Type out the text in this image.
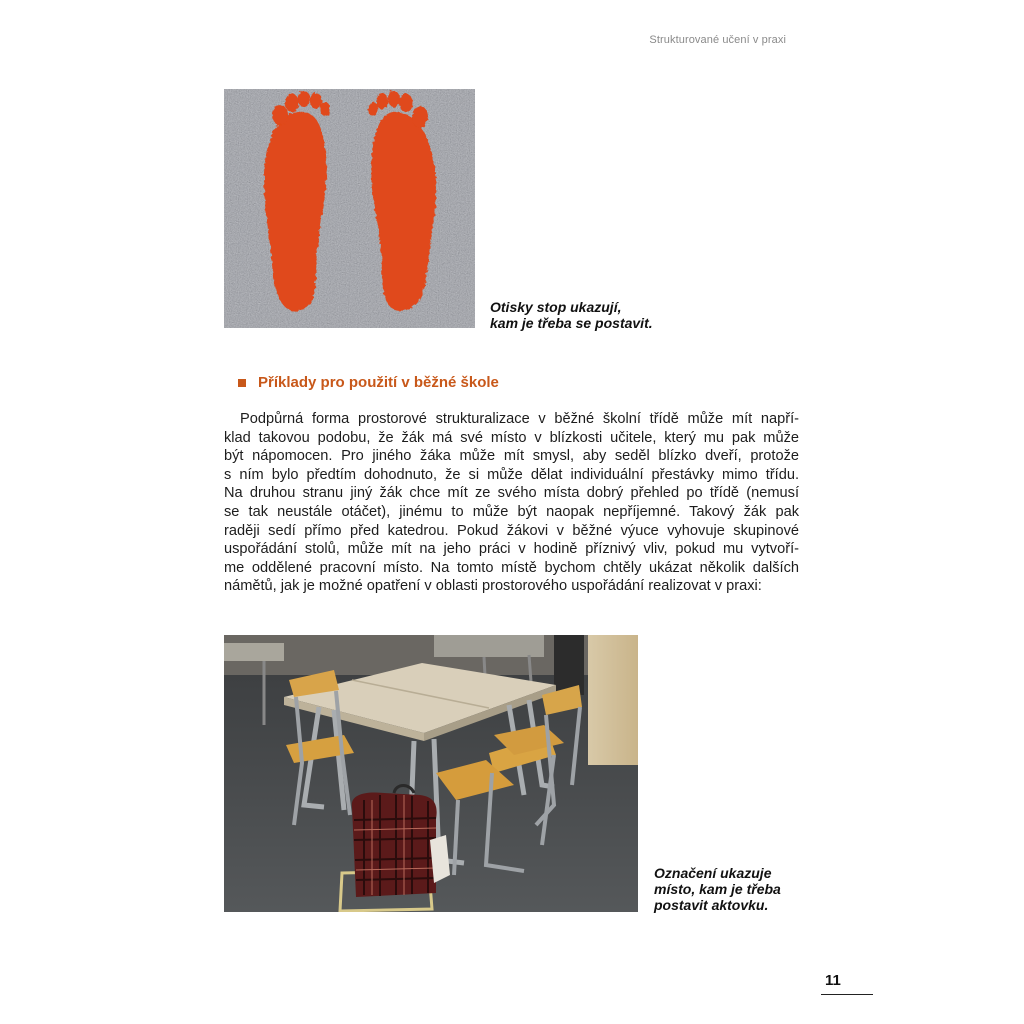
Strukturované učení v praxi
Otisky stop ukazují,
kam je třeba se postavit.
Příklady pro použití v běžné škole
Podpůrná forma prostorové strukturalizace v běžné školní třídě může mít napří-
klad takovou podobu, že žák má své místo v blízkosti učitele, který mu pak může
být nápomocen. Pro jiného žáka může mít smysl, aby seděl blízko dveří, protože
s ním bylo předtím dohodnuto, že si může dělat individuální přestávky mimo třídu.
Na druhou stranu jiný žák chce mít ze svého místa dobrý přehled po třídě (nemusí
se tak neustále otáčet), jinému to může být naopak nepříjemné. Takový žák pak
raději sedí přímo před katedrou. Pokud žákovi v běžné výuce vyhovuje skupinové
uspořádání stolů, může mít na jeho práci v hodině příznivý vliv, pokud mu vytvoří-
me oddělené pracovní místo. Na tomto místě bychom chtěly ukázat několik dalších
námětů, jak je možné opatření v oblasti prostorového uspořádání realizovat v praxi:
Označení ukazuje
místo, kam je třeba
postavit aktovku.
11
